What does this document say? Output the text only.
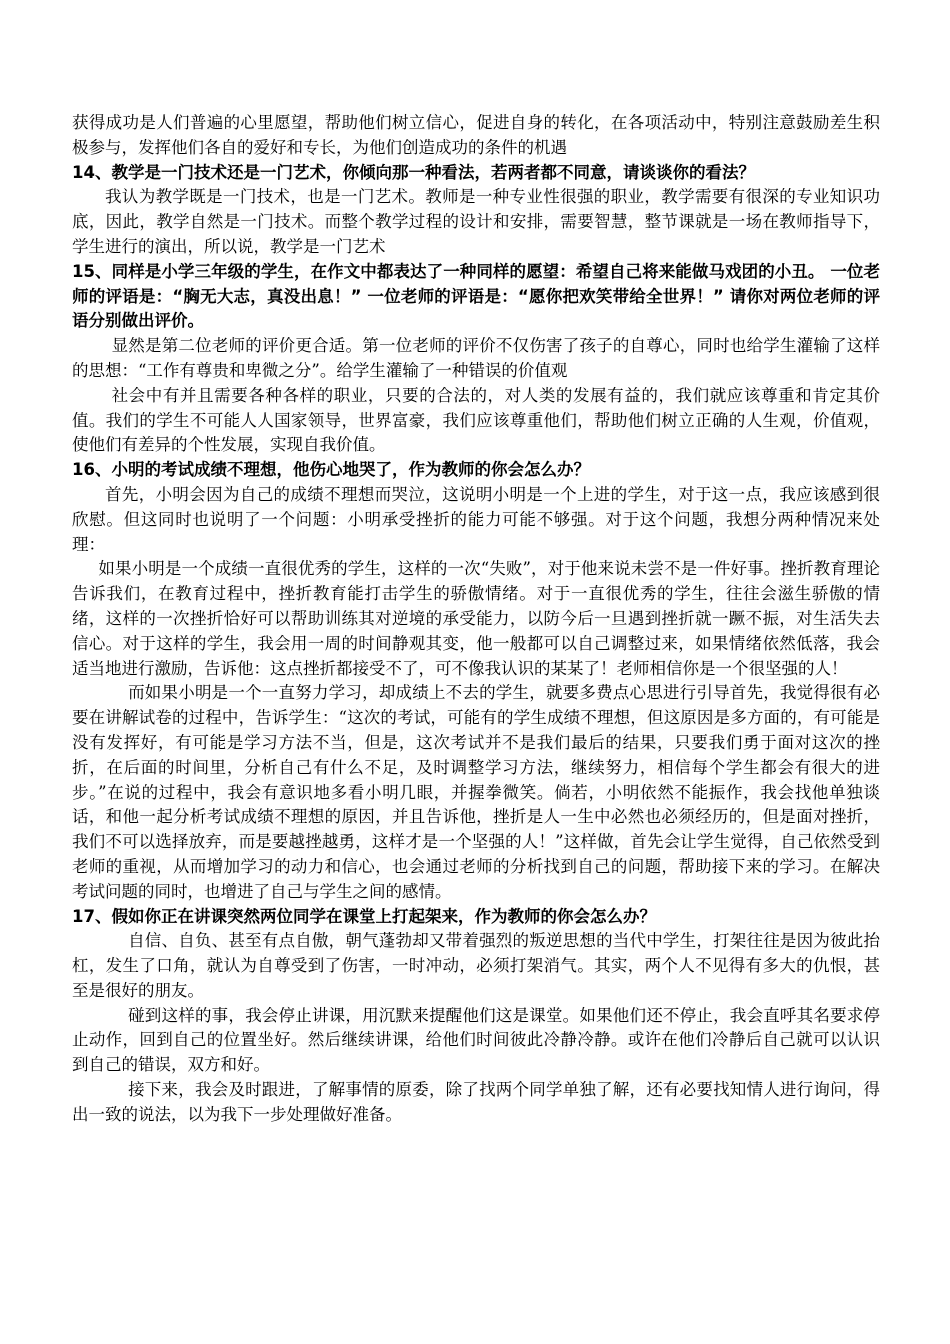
获得成功是人们普遍的心里愿望，帮助他们树立信心，促进自身的转化，在各项活动中，特别注意鼓励差生积极参与，发挥他们各自的爱好和专长，为他们创造成功的条件的机遇

14、教学是一门技术还是一门艺术，你倾向那一种看法，若两者都不同意，请谈谈你的看法？

我认为教学既是一门技术，也是一门艺术。教师是一种专业性很强的职业，教学需要有很深的专业知识功底，因此，教学自然是一门技术。而整个教学过程的设计和安排，需要智慧，整节课就是一场在教师指导下，学生进行的演出，所以说，教学是一门艺术

15、同样是小学三年级的学生，在作文中都表达了一种同样的愿望：希望自己将来能做马戏团的小丑。 一位老师的评语是：“胸无大志，真没出息！” 一位老师的评语是：“愿你把欢笑带给全世界！” 请你对两位老师的评语分别做出评价。

显然是第二位老师的评价更合适。第一位老师的评价不仅伤害了孩子的自尊心，同时也给学生灌输了这样的思想：“工作有尊贵和卑微之分”。给学生灌输了一种错误的价值观

社会中有并且需要各种各样的职业，只要的合法的，对人类的发展有益的，我们就应该尊重和肯定其价值。我们的学生不可能人人国家领导，世界富豪，我们应该尊重他们，帮助他们树立正确的人生观，价值观，使他们有差异的个性发展，实现自我价值。

16、小明的考试成绩不理想，他伤心地哭了，作为教师的你会怎么办？

首先，小明会因为自己的成绩不理想而哭泣，这说明小明是一个上进的学生，对于这一点，我应该感到很欣慰。但这同时也说明了一个问题：小明承受挫折的能力可能不够强。对于这个问题，我想分两种情况来处理：

如果小明是一个成绩一直很优秀的学生，这样的一次“失败”，对于他来说未尝不是一件好事。挫折教育理论告诉我们，在教育过程中，挫折教育能打击学生的骄傲情绪。对于一直很优秀的学生，往往会滋生骄傲的情绪，这样的一次挫折恰好可以帮助训练其对逆境的承受能力，以防今后一旦遇到挫折就一蹶不振，对生活失去信心。对于这样的学生，我会用一周的时间静观其变，他一般都可以自己调整过来，如果情绪依然低落，我会适当地进行激励，告诉他：这点挫折都接受不了，可不像我认识的某某了！老师相信你是一个很坚强的人！

而如果小明是一个一直努力学习，却成绩上不去的学生，就要多费点心思进行引导首先，我觉得很有必要在讲解试卷的过程中，告诉学生：“这次的考试，可能有的学生成绩不理想，但这原因是多方面的，有可能是没有发挥好，有可能是学习方法不当，但是，这次考试并不是我们最后的结果，只要我们勇于面对这次的挫折，在后面的时间里，分析自己有什么不足，及时调整学习方法，继续努力，相信每个学生都会有很大的进步。”在说的过程中，我会有意识地多看小明几眼，并握拳微笑。倘若，小明依然不能振作，我会找他单独谈话，和他一起分析考试成绩不理想的原因，并且告诉他，挫折是人一生中必然也必须经历的，但是面对挫折，我们不可以选择放弃，而是要越挫越勇，这样才是一个坚强的人！”这样做，首先会让学生觉得，自己依然受到老师的重视，从而增加学习的动力和信心，也会通过老师的分析找到自己的问题，帮助接下来的学习。在解决考试问题的同时，也增进了自己与学生之间的感情。

17、假如你正在讲课突然两位同学在课堂上打起架来，作为教师的你会怎么办？

自信、自负、甚至有点自傲，朝气蓬勃却又带着强烈的叛逆思想的当代中学生，打架往往是因为彼此抬杠，发生了口角，就认为自尊受到了伤害，一时冲动，必须打架消气。其实，两个人不见得有多大的仇恨，甚至是很好的朋友。

碰到这样的事，我会停止讲课，用沉默来提醒他们这是课堂。如果他们还不停止，我会直呼其名要求停止动作，回到自己的位置坐好。然后继续讲课，给他们时间彼此冷静冷静。或许在他们冷静后自己就可以认识到自己的错误，双方和好。

接下来，我会及时跟进，了解事情的原委，除了找两个同学单独了解，还有必要找知情人进行询问，得出一致的说法，以为我下一步处理做好准备。
